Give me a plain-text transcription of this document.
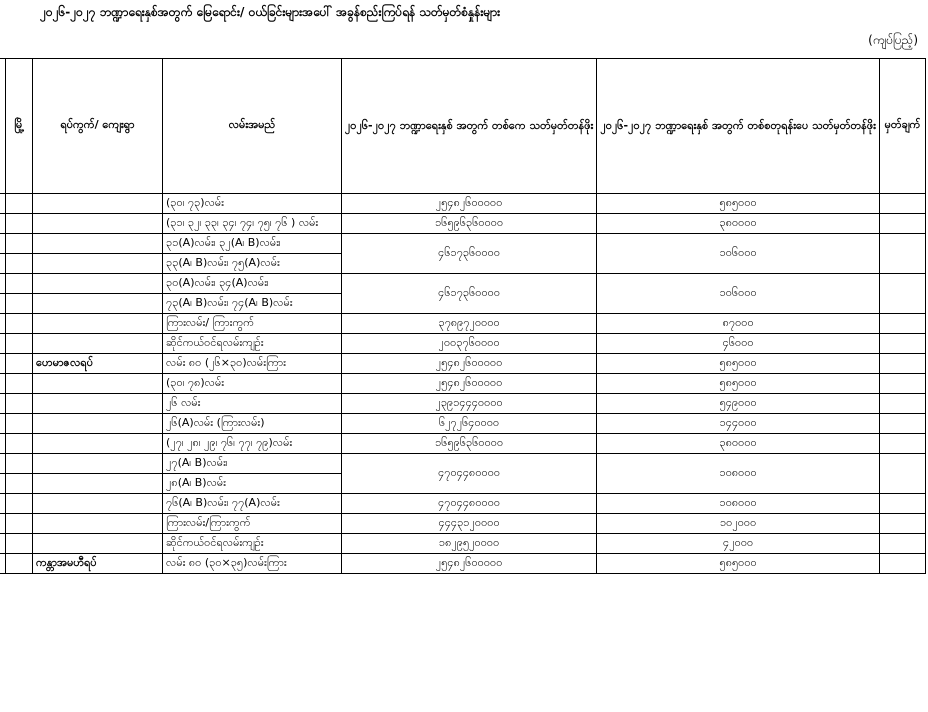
၂၀၂၆-၂၀၂၇ ဘဏ္ဍာရေးနှစ်အတွက် မြေရောင်း/ ဝယ်ခြင်းများအပေါ် အခွန်စည်းကြပ်ရန် သတ်မှတ်စံနှုန်းများ
(ကျပ်ပြည့်)
	မြို့	ရပ်ကွက်/ ကျေးရွာ	လမ်းအမည်	၂၀၂၆-၂၀၂၇ ဘဏ္ဍာရေးနှစ် အတွက် တစ်ကေ သတ်မှတ်တန်ဖိုး	၂၀၂၆-၂၀၂၇ ဘဏ္ဍာရေးနှစ် အတွက် တစ်စတုရန်းပေ သတ်မှတ်တန်ဖိုး	မှတ်ချက်
			(၃၀၊ ၇၃)လမ်း	၂၅၄၈၂၆၀၀၀၀၀	၅၈၅၀၀၀	
			(၃၁၊ ၃၂၊ ၃၃၊ ၃၄၊ ၇၄၊ ၇၅၊ ၇၆ ) လမ်း	၁၆၅၉၆၃၆၀၀၀၀	၃၈၀၀၀၀	
			၃၁(A)လမ်း၊ ၃၂(A၊ B)လမ်း၊	၄၆၁၇၃၆၀၀၀၀	၁၀၆၀၀၀	
			၃၃(A၊ B)လမ်း၊ ၇၅(A)လမ်း			
			၃၀(A)လမ်း၊ ၃၄(A)လမ်း၊	၄၆၁၇၃၆၀၀၀၀	၁၀၆၀၀၀	
			၇၃(A၊ B)လမ်း၊ ၇၄(A၊ B)လမ်း			
			ကြားလမ်း/ ကြားကွက်	၃၇၈၉၇၂၀၀၀၀	၈၇၀၀၀	
			ဆိုင်ကယ်ဝင်ရလမ်းကျဉ်း	၂၀၀၃၇၆၀၀၀၀	၄၆၀၀၀	
		ဟေမာဇလရပ်	လမ်း ၈၀ (၂၆×၃၀)လမ်းကြား	၂၅၄၈၂၆၀၀၀၀၀	၅၈၅၀၀၀	
			(၃၀၊ ၇၈)လမ်း	၂၅၄၈၂၆၀၀၀၀၀	၅၈၅၀၀၀	
			၂၆ လမ်း	၂၃၉၁၄၄၄၀၀၀၀	၅၄၉၀၀၀	
			၂၆(A)လမ်း (ကြားလမ်း)	၆၂၇၂၆၄၀၀၀၀	၁၄၄၀၀၀	
			(၂၇၊ ၂၈၊ ၂၉၊ ၇၆၊ ၇၇၊ ၇၉)လမ်း	၁၆၅၉၆၃၆၀၀၀၀	၃၈၀၀၀၀	
			၂၇(A၊ B)လမ်း၊	၄၇၀၄၄၈၀၀၀၀	၁၀၈၀၀၀	
			၂၈(A၊ B)လမ်း			
			၇၆(A၊ B)လမ်း၊ ၇၇(A)လမ်း	၄၇၀၄၄၈၀၀၀၀	၁၀၈၀၀၀	
			ကြားလမ်း/ကြားကွက်	၄၄၄၃၁၂၀၀၀၀	၁၀၂၀၀၀	
			ဆိုင်ကယ်ဝင်ရလမ်းကျဉ်း	၁၈၂၉၅၂၀၀၀၀	၄၂၀၀၀	
		ကန္တာအမဟီရပ်	လမ်း ၈၀ (၃၀×၃၅)လမ်းကြား	၂၅၄၈၂၆၀၀၀၀၀	၅၈၅၀၀၀	
